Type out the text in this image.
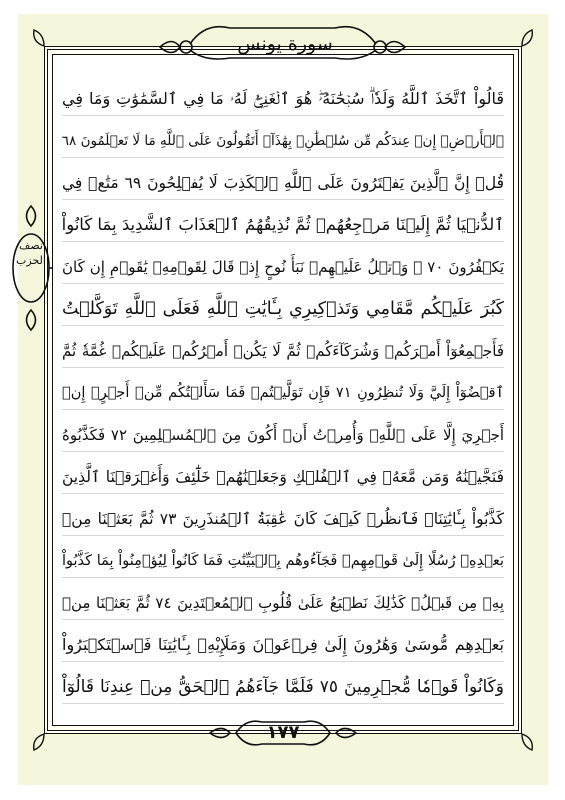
سورة يونس
نصف الحزب
قَالُواْ ٱتَّخَذَ ٱللَّهُ وَلَدٗاۗ سُبۡحَٰنَهُۥۖ هُوَ ٱلۡغَنِيُّۖ لَهُۥ مَا فِي ٱلسَّمَٰوَٰتِ وَمَا فِي
ٱلۡأَرۡضِۚ إِنۡ عِندَكُم مِّن سُلۡطَٰنِۭ بِهَٰذَآۚ أَتَقُولُونَ عَلَى ٱللَّهِ مَا لَا تَعۡلَمُونَ ٦٨
قُلۡ إِنَّ ٱلَّذِينَ يَفۡتَرُونَ عَلَى ٱللَّهِ ٱلۡكَذِبَ لَا يُفۡلِحُونَ ٦٩ مَتَٰعٞ فِي
ٱلدُّنۡيَا ثُمَّ إِلَيۡنَا مَرۡجِعُهُمۡ ثُمَّ نُذِيقُهُمُ ٱلۡعَذَابَ ٱلشَّدِيدَ بِمَا كَانُواْ
يَكۡفُرُونَ ٧٠ ۞ وَٱتۡلُ عَلَيۡهِمۡ نَبَأَ نُوحٍ إِذۡ قَالَ لِقَوۡمِهِۦ يَٰقَوۡمِ إِن كَانَ
كَبُرَ عَلَيۡكُم مَّقَامِي وَتَذۡكِيرِي بِـَٔايَٰتِ ٱللَّهِ فَعَلَى ٱللَّهِ تَوَكَّلۡتُ
فَأَجۡمِعُوٓاْ أَمۡرَكُمۡ وَشُرَكَآءَكُمۡ ثُمَّ لَا يَكُنۡ أَمۡرُكُمۡ عَلَيۡكُمۡ غُمَّةٗ ثُمَّ
ٱقۡضُوٓاْ إِلَيَّ وَلَا تُنظِرُونِ ٧١ فَإِن تَوَلَّيۡتُمۡ فَمَا سَأَلۡتُكُم مِّنۡ أَجۡرٍۖ إِنۡ
أَجۡرِيَ إِلَّا عَلَى ٱللَّهِۖ وَأُمِرۡتُ أَنۡ أَكُونَ مِنَ ٱلۡمُسۡلِمِينَ ٧٢ فَكَذَّبُوهُ
فَنَجَّيۡنَٰهُ وَمَن مَّعَهُۥ فِي ٱلۡفُلۡكِ وَجَعَلۡنَٰهُمۡ خَلَٰٓئِفَ وَأَغۡرَقۡنَا ٱلَّذِينَ
كَذَّبُواْ بِـَٔايَٰتِنَاۖ فَٱنظُرۡ كَيۡفَ كَانَ عَٰقِبَةُ ٱلۡمُنذَرِينَ ٧٣ ثُمَّ بَعَثۡنَا مِنۢ
بَعۡدِهِۦ رُسُلًا إِلَىٰ قَوۡمِهِمۡ فَجَآءُوهُم بِٱلۡبَيِّنَٰتِ فَمَا كَانُواْ لِيُؤۡمِنُواْ بِمَا كَذَّبُواْ
بِهِۦ مِن قَبۡلُۚ كَذَٰلِكَ نَطۡبَعُ عَلَىٰ قُلُوبِ ٱلۡمُعۡتَدِينَ ٧٤ ثُمَّ بَعَثۡنَا مِنۢ
بَعۡدِهِم مُّوسَىٰ وَهَٰرُونَ إِلَىٰ فِرۡعَوۡنَ وَمَلَإِيْهِۦ بِـَٔايَٰتِنَا فَٱسۡتَكۡبَرُواْ
وَكَانُواْ قَوۡمٗا مُّجۡرِمِينَ ٧٥ فَلَمَّا جَآءَهُمُ ٱلۡحَقُّ مِنۡ عِندِنَا قَالُوٓاْ
١٧٧
